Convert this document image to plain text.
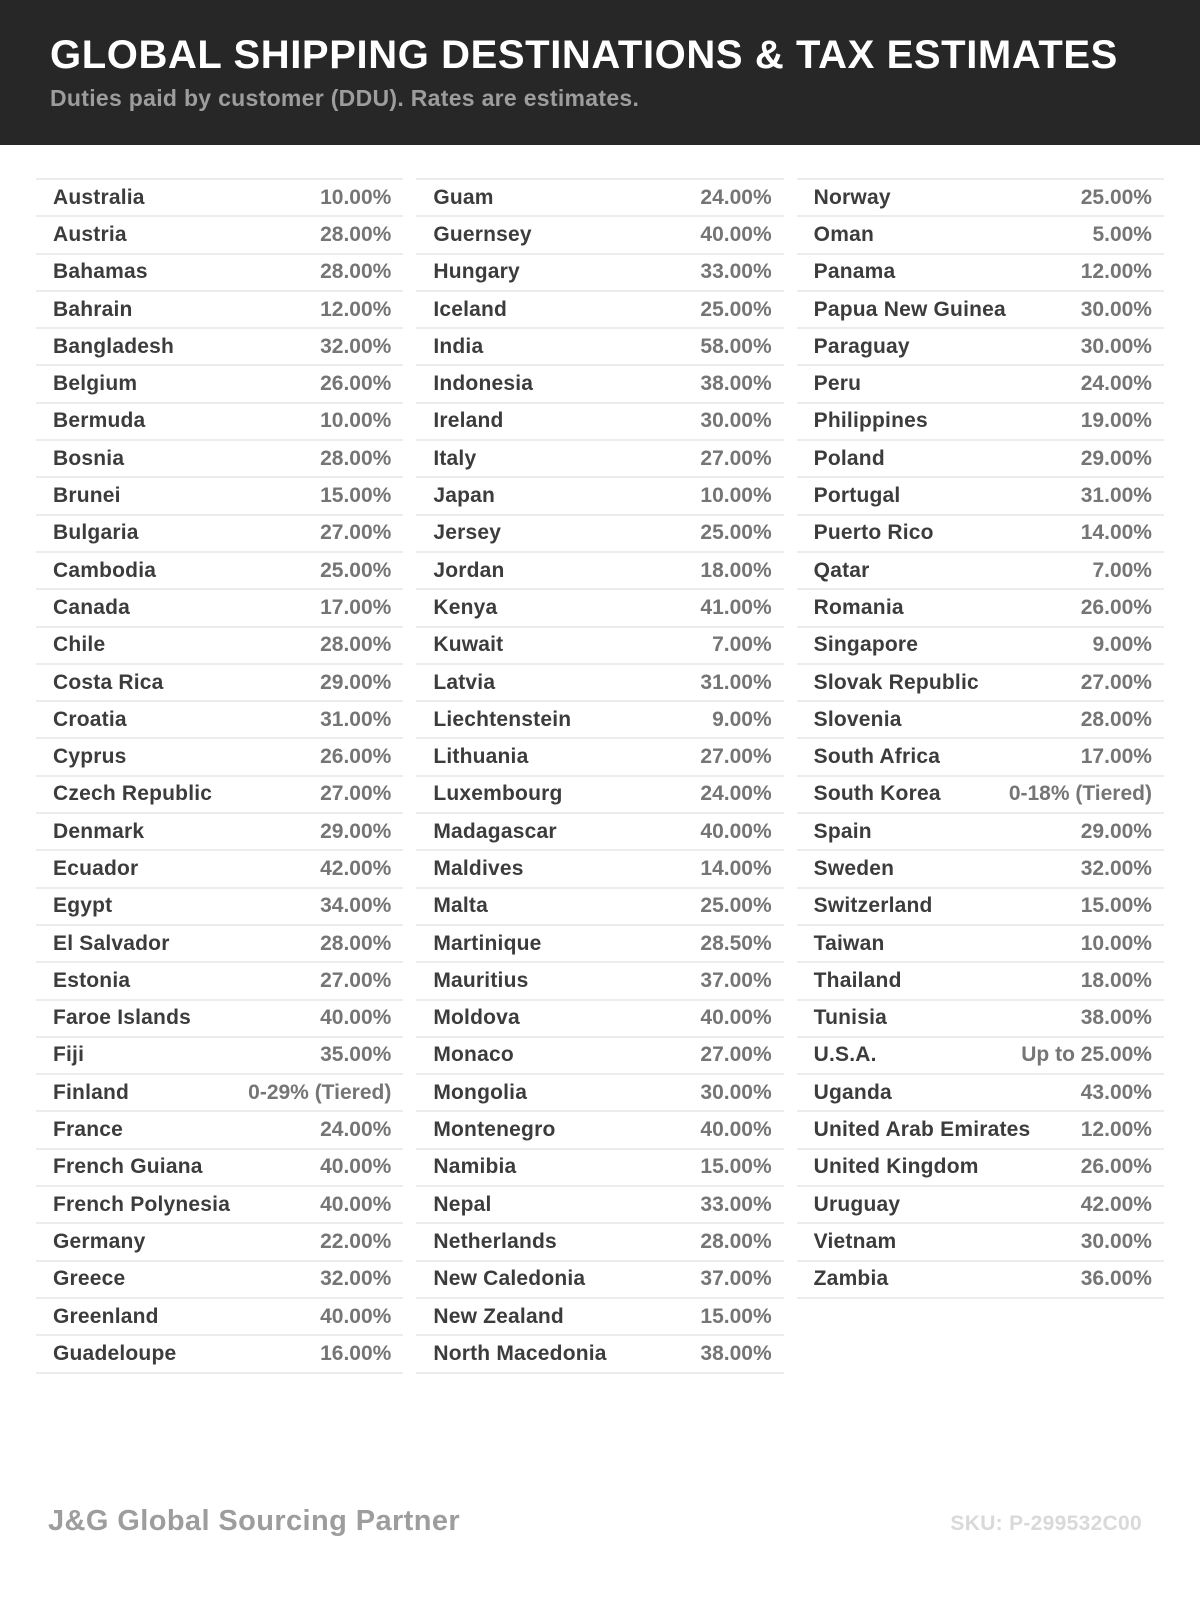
GLOBAL SHIPPING DESTINATIONS & TAX ESTIMATES

Duties paid by customer (DDU). Rates are estimates.

Australia	10.00%
Austria	28.00%
Bahamas	28.00%
Bahrain	12.00%
Bangladesh	32.00%
Belgium	26.00%
Bermuda	10.00%
Bosnia	28.00%
Brunei	15.00%
Bulgaria	27.00%
Cambodia	25.00%
Canada	17.00%
Chile	28.00%
Costa Rica	29.00%
Croatia	31.00%
Cyprus	26.00%
Czech Republic	27.00%
Denmark	29.00%
Ecuador	42.00%
Egypt	34.00%
El Salvador	28.00%
Estonia	27.00%
Faroe Islands	40.00%
Fiji	35.00%
Finland	0-29% (Tiered)
France	24.00%
French Guiana	40.00%
French Polynesia	40.00%
Germany	22.00%
Greece	32.00%
Greenland	40.00%
Guadeloupe	16.00%
Guam	24.00%
Guernsey	40.00%
Hungary	33.00%
Iceland	25.00%
India	58.00%
Indonesia	38.00%
Ireland	30.00%
Italy	27.00%
Japan	10.00%
Jersey	25.00%
Jordan	18.00%
Kenya	41.00%
Kuwait	7.00%
Latvia	31.00%
Liechtenstein	9.00%
Lithuania	27.00%
Luxembourg	24.00%
Madagascar	40.00%
Maldives	14.00%
Malta	25.00%
Martinique	28.50%
Mauritius	37.00%
Moldova	40.00%
Monaco	27.00%
Mongolia	30.00%
Montenegro	40.00%
Namibia	15.00%
Nepal	33.00%
Netherlands	28.00%
New Caledonia	37.00%
New Zealand	15.00%
North Macedonia	38.00%
Norway	25.00%
Oman	5.00%
Panama	12.00%
Papua New Guinea	30.00%
Paraguay	30.00%
Peru	24.00%
Philippines	19.00%
Poland	29.00%
Portugal	31.00%
Puerto Rico	14.00%
Qatar	7.00%
Romania	26.00%
Singapore	9.00%
Slovak Republic	27.00%
Slovenia	28.00%
South Africa	17.00%
South Korea	0-18% (Tiered)
Spain	29.00%
Sweden	32.00%
Switzerland	15.00%
Taiwan	10.00%
Thailand	18.00%
Tunisia	38.00%
U.S.A.	Up to 25.00%
Uganda	43.00%
United Arab Emirates 12.00%
United Kingdom	26.00%
Uruguay	42.00%
Vietnam	30.00%
Zambia	36.00%
J&G Global Sourcing Partner	SKU: P-299532C00
